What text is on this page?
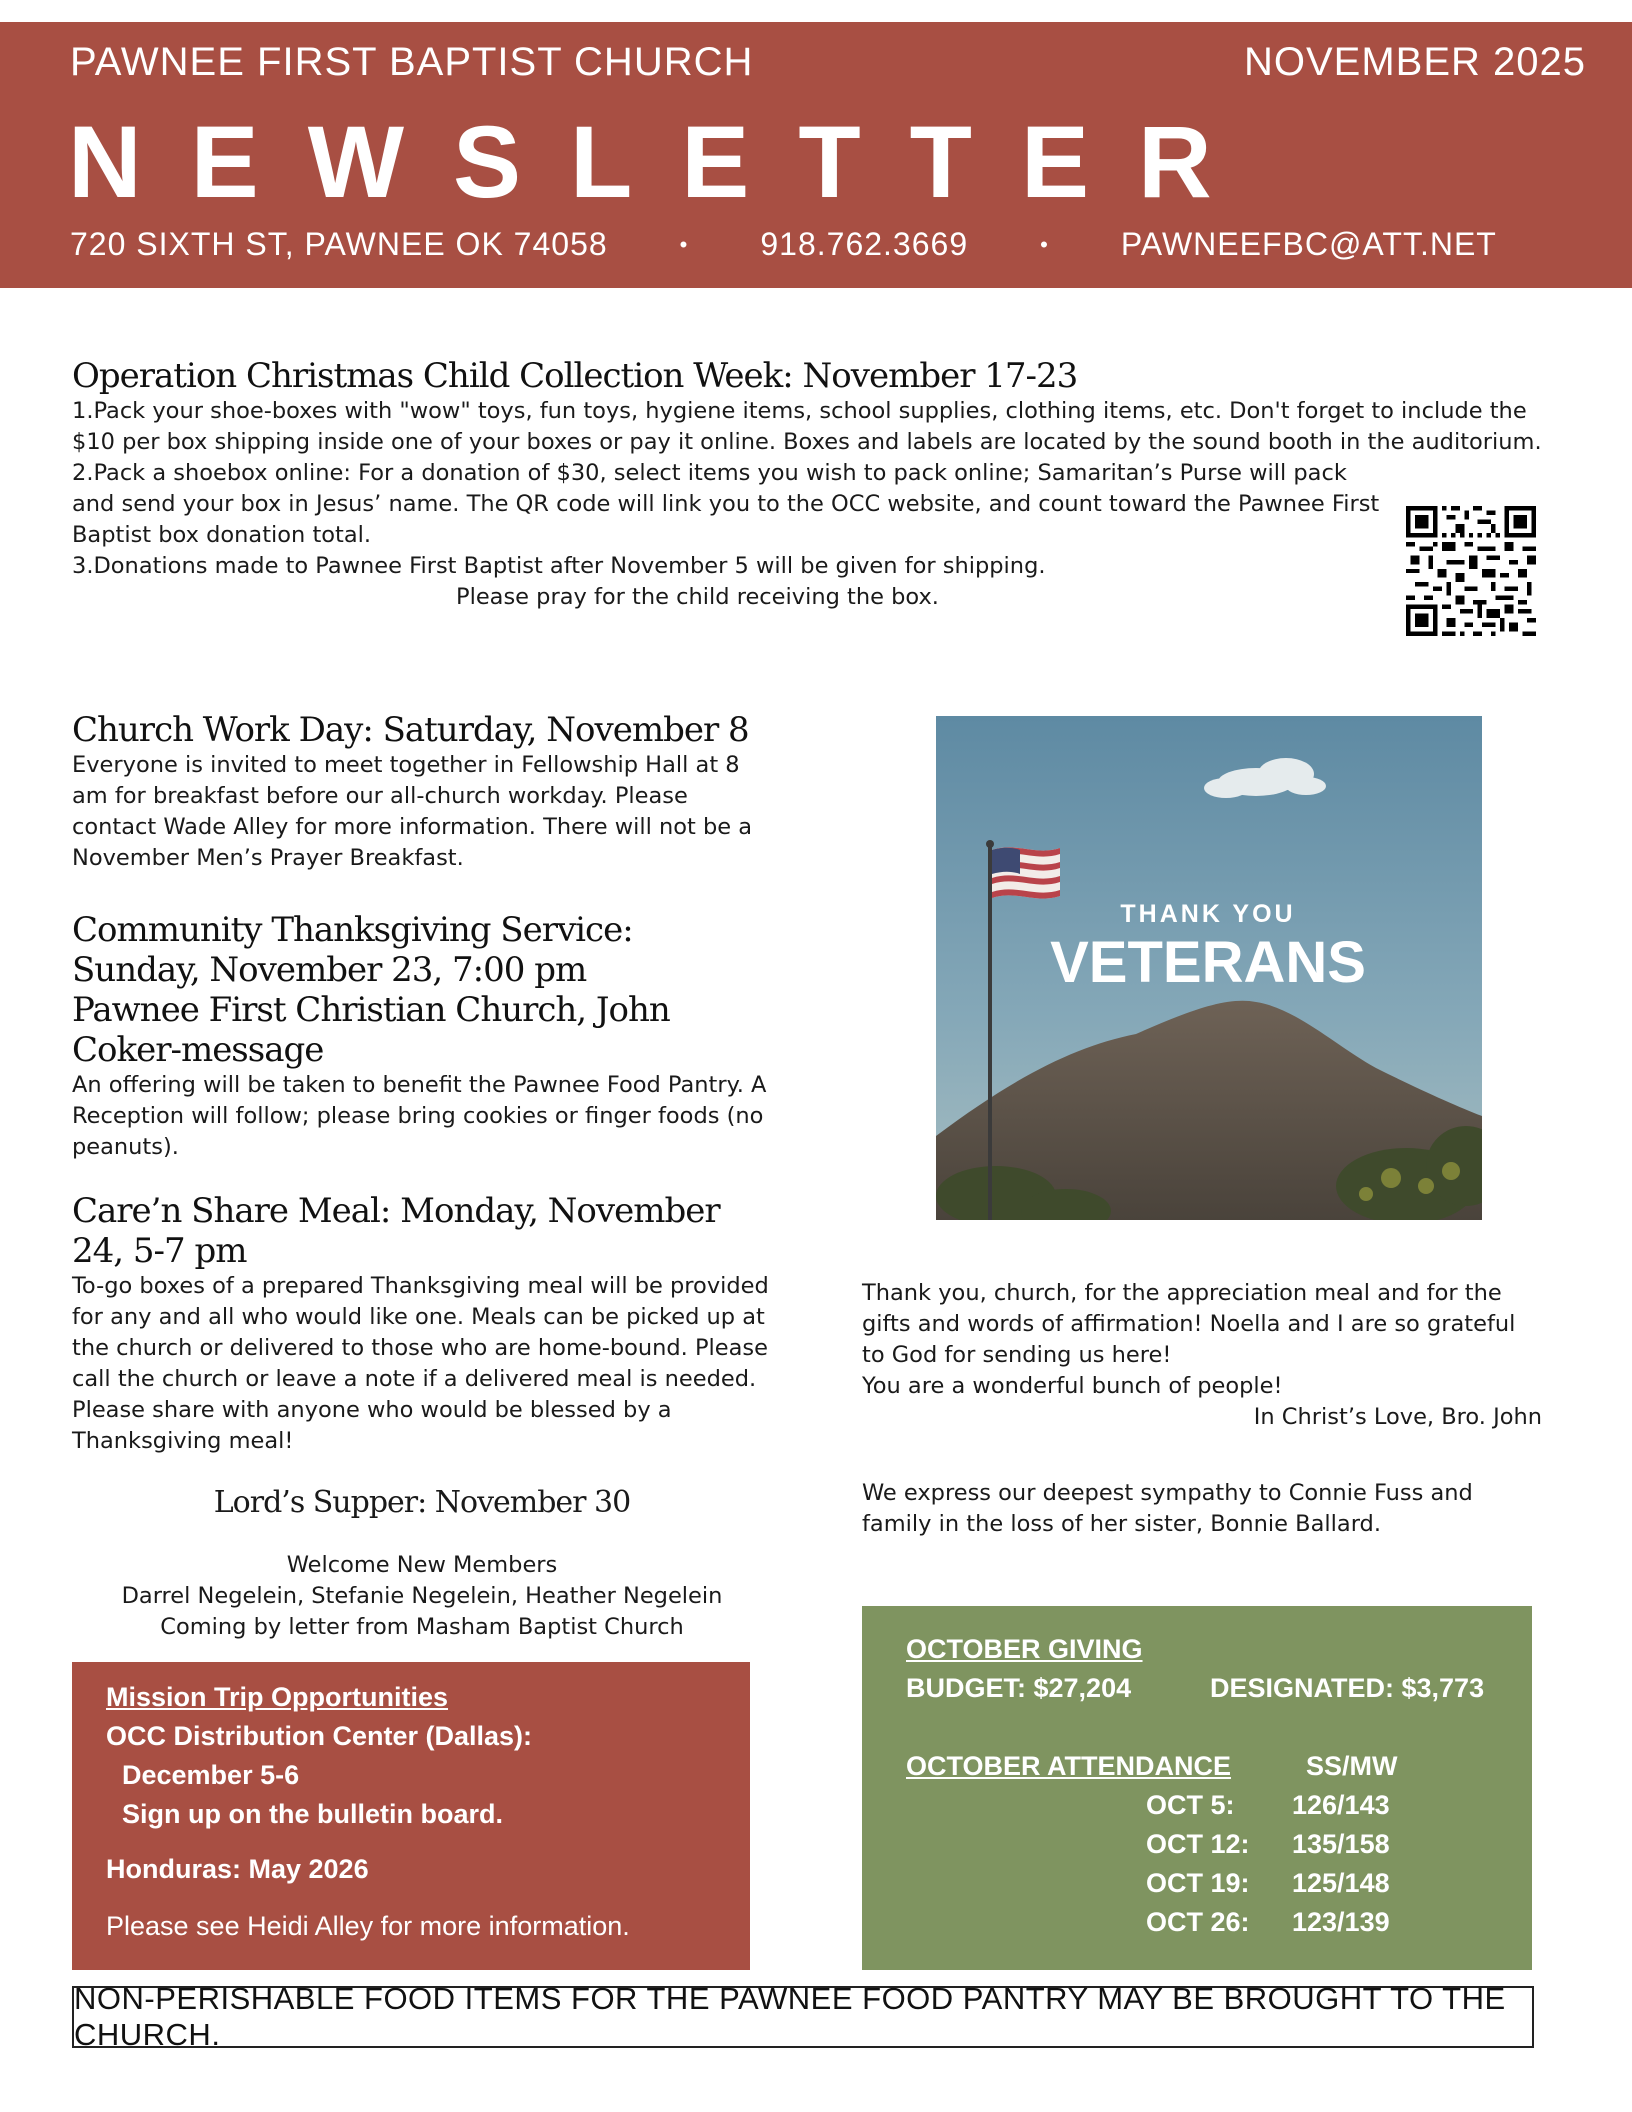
PAWNEE FIRST BAPTIST CHURCH	NOVEMBER 2025
NEWSLETTER
720 SIXTH ST, PAWNEE OK 74058	• 918.762.3669	• PAWNEEFBC@ATT.NET
Operation Christmas Child Collection Week: November 17-23
1.Pack your shoe-boxes with "wow" toys, fun toys, hygiene items, school supplies, clothing items, etc. Don't forget to include the $10 per box shipping inside one of your boxes or pay it online. Boxes and labels are located by the sound booth in the auditorium.
2.Pack a shoebox online: For a donation of $30, select items you wish to pack online; Samaritan’s Purse will pack and send your box in Jesus’ name. The QR code will link you to the OCC website, and count toward the Pawnee First Baptist box donation total.
3.Donations made to Pawnee First Baptist after November 5 will be given for shipping.
Please pray for the child receiving the box.
Church Work Day: Saturday, November 8
Everyone is invited to meet together in Fellowship Hall at 8 am for breakfast before our all-church workday. Please contact Wade Alley for more information. There will not be a November Men’s Prayer Breakfast.
Community Thanksgiving Service:
Sunday, November 23, 7:00 pm
Pawnee First Christian Church, John Coker-message
An offering will be taken to benefit the Pawnee Food Pantry. A Reception will follow; please bring cookies or finger foods (no peanuts).
Care’n Share Meal: Monday, November 24, 5-7 pm
To-go boxes of a prepared Thanksgiving meal will be provided for any and all who would like one. Meals can be picked up at the church or delivered to those who are home-bound. Please call the church or leave a note if a delivered meal is needed. Please share with anyone who would be blessed by a Thanksgiving meal!
Lord’s Supper: November 30
Welcome New Members
Darrel Negelein, Stefanie Negelein, Heather Negelein
Coming by letter from Masham Baptist Church
THANK YOU
VETERANS
Thank you, church, for the appreciation meal and for the gifts and words of affirmation! Noella and I are so grateful to God for sending us here!
You are a wonderful bunch of people!
In Christ’s Love, Bro. John
We express our deepest sympathy to Connie Fuss and family in the loss of her sister, Bonnie Ballard.
Mission Trip Opportunities
OCC Distribution Center (Dallas):
December 5-6
Sign up on the bulletin board.
Honduras: May 2026
Please see Heidi Alley for more information.
OCTOBER GIVING
BUDGET: $27,204	DESIGNATED: $3,773
OCTOBER ATTENDANCE	SS/MW
OCT 5:	126/143
OCT 12:	135/158
OCT 19:	125/148
OCT 26:	123/139
NON-PERISHABLE FOOD ITEMS FOR THE PAWNEE FOOD PANTRY MAY BE BROUGHT TO THE CHURCH.
